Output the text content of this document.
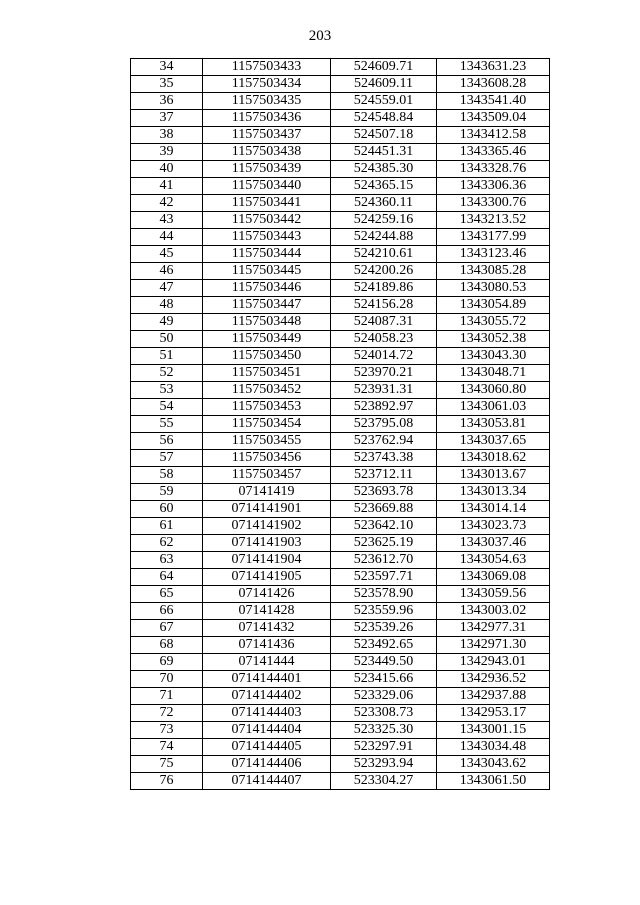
203
34	1157503433	524609.71	1343631.23
35	1157503434	524609.11	1343608.28
36	1157503435	524559.01	1343541.40
37	1157503436	524548.84	1343509.04
38	1157503437	524507.18	1343412.58
39	1157503438	524451.31	1343365.46
40	1157503439	524385.30	1343328.76
41	1157503440	524365.15	1343306.36
42	1157503441	524360.11	1343300.76
43	1157503442	524259.16	1343213.52
44	1157503443	524244.88	1343177.99
45	1157503444	524210.61	1343123.46
46	1157503445	524200.26	1343085.28
47	1157503446	524189.86	1343080.53
48	1157503447	524156.28	1343054.89
49	1157503448	524087.31	1343055.72
50	1157503449	524058.23	1343052.38
51	1157503450	524014.72	1343043.30
52	1157503451	523970.21	1343048.71
53	1157503452	523931.31	1343060.80
54	1157503453	523892.97	1343061.03
55	1157503454	523795.08	1343053.81
56	1157503455	523762.94	1343037.65
57	1157503456	523743.38	1343018.62
58	1157503457	523712.11	1343013.67
59	07141419	523693.78	1343013.34
60	0714141901	523669.88	1343014.14
61	0714141902	523642.10	1343023.73
62	0714141903	523625.19	1343037.46
63	0714141904	523612.70	1343054.63
64	0714141905	523597.71	1343069.08
65	07141426	523578.90	1343059.56
66	07141428	523559.96	1343003.02
67	07141432	523539.26	1342977.31
68	07141436	523492.65	1342971.30
69	07141444	523449.50	1342943.01
70	0714144401	523415.66	1342936.52
71	0714144402	523329.06	1342937.88
72	0714144403	523308.73	1342953.17
73	0714144404	523325.30	1343001.15
74	0714144405	523297.91	1343034.48
75	0714144406	523293.94	1343043.62
76	0714144407	523304.27	1343061.50
